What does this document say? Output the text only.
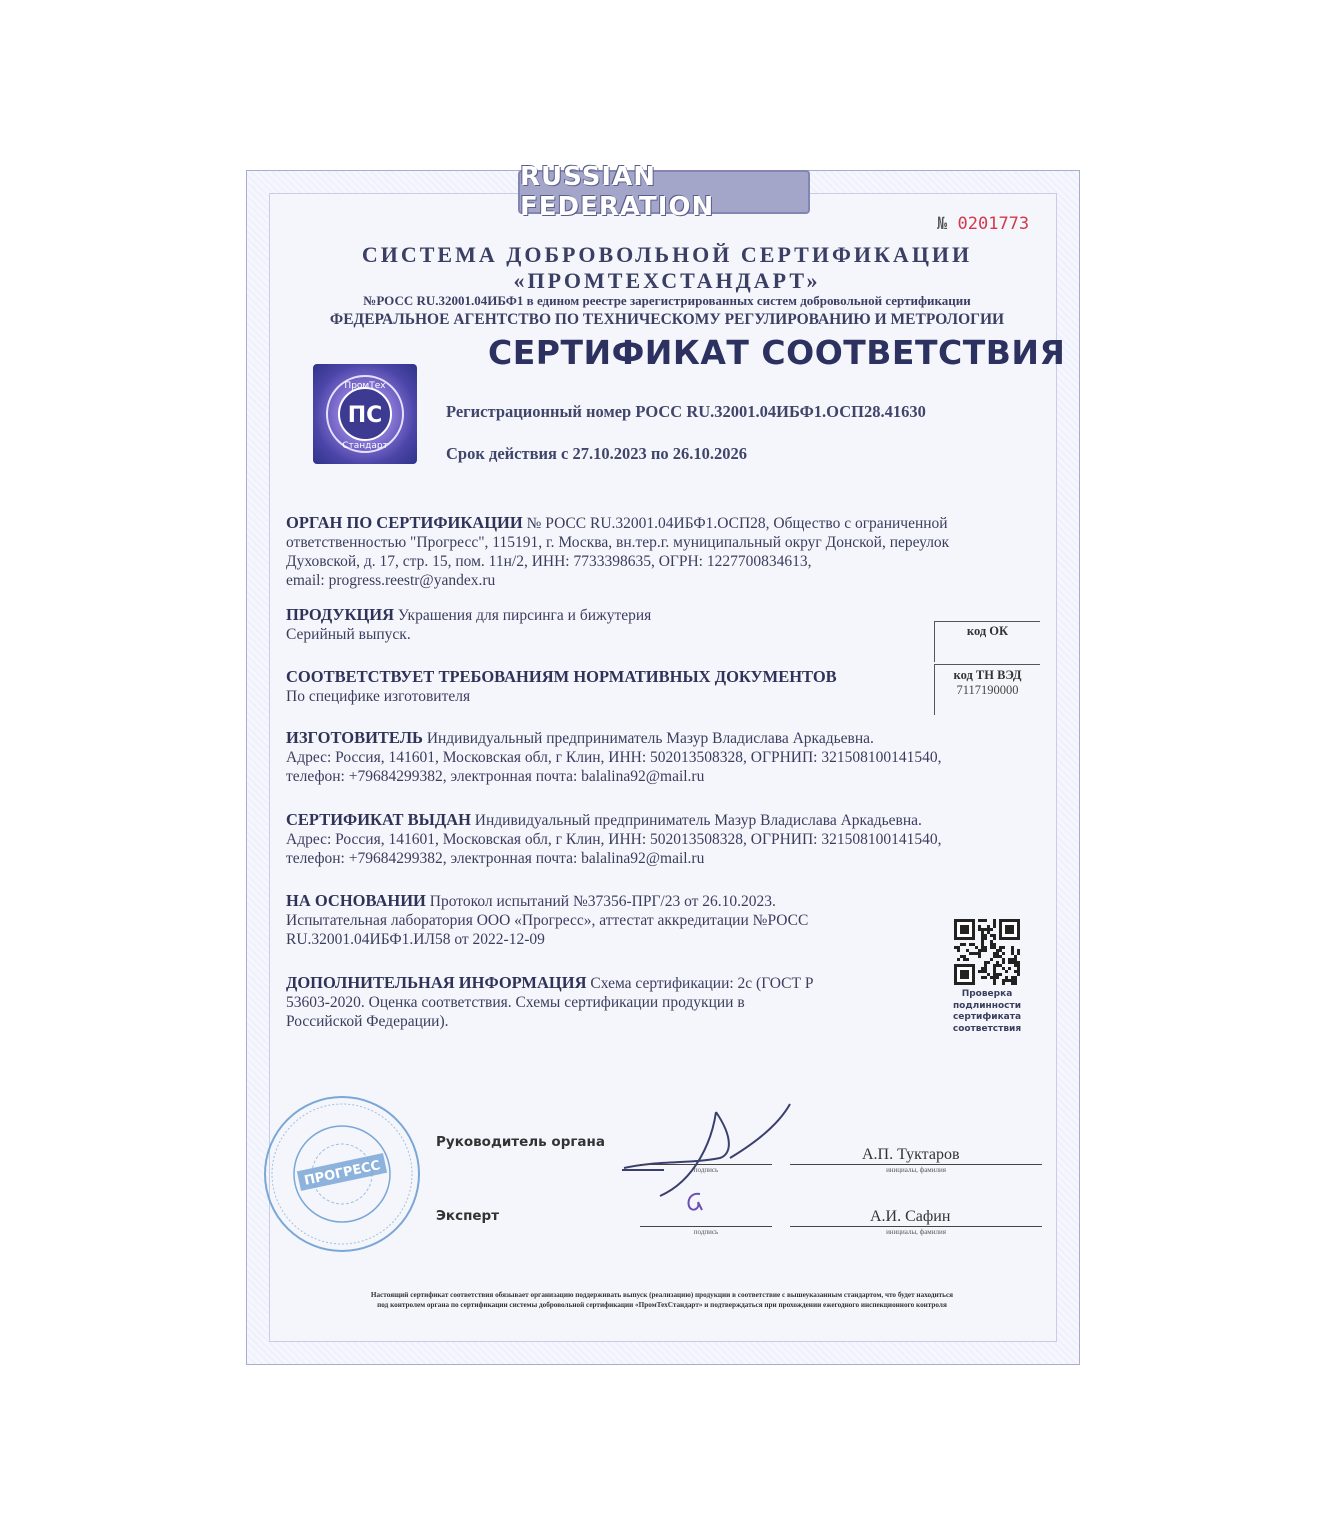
RUSSIAN FEDERATION
№ 0201773
СИСТЕМА ДОБРОВОЛЬНОЙ СЕРТИФИКАЦИИ
«ПРОМТЕХСТАНДАРТ»
№РОСС RU.32001.04ИБФ1 в едином реестре зарегистрированных систем добровольной сертификации
ФЕДЕРАЛЬНОЕ АГЕНТСТВО ПО ТЕХНИЧЕСКОМУ РЕГУЛИРОВАНИЮ И МЕТРОЛОГИИ
СЕРТИФИКАТ СООТВЕТСТВИЯ
ПромТех
ПС
Стандарт
Регистрационный номер РОСС RU.32001.04ИБФ1.ОСП28.41630
Срок действия с 27.10.2023 по 26.10.2026
ОРГАН ПО СЕРТИФИКАЦИИ № РОСС RU.32001.04ИБФ1.ОСП28, Общество с ограниченной
ответственностью "Прогресс", 115191, г. Москва, вн.тер.г. муниципальный округ Донской, переулок
Духовской, д. 17, стр. 15, пом. 11н/2, ИНН: 7733398635, ОГРН: 1227700834613,
email: progress.reestr@yandex.ru
ПРОДУКЦИЯ Украшения для пирсинга и бижутерия
Серийный выпуск.	код ОК
код ТН ВЭД
7117190000
СООТВЕТСТВУЕТ ТРЕБОВАНИЯМ НОРМАТИВНЫХ ДОКУМЕНТОВ
По специфике изготовителя
ИЗГОТОВИТЕЛЬ Индивидуальный предприниматель Мазур Владислава Аркадьевна.
Адрес: Россия, 141601, Московская обл, г Клин, ИНН: 502013508328, ОГРНИП: 321508100141540,
телефон: +79684299382, электронная почта: balalina92@mail.ru
СЕРТИФИКАТ ВЫДАН Индивидуальный предприниматель Мазур Владислава Аркадьевна.
Адрес: Россия, 141601, Московская обл, г Клин, ИНН: 502013508328, ОГРНИП: 321508100141540,
телефон: +79684299382, электронная почта: balalina92@mail.ru
НА ОСНОВАНИИ Протокол испытаний №37356-ПРГ/23 от 26.10.2023.
Испытательная лаборатория ООО «Прогресс», аттестат аккредитации №РОСС
RU.32001.04ИБФ1.ИЛ58 от 2022-12-09
ДОПОЛНИТЕЛЬНАЯ ИНФОРМАЦИЯ Схема сертификации: 2с (ГОСТ Р
53603-2020. Оценка соответствия. Схемы сертификации продукции в
Российской Федерации).
Проверка
подлинности
сертификата
соответствия
ПРОГРЕСС
Руководитель органа
Эксперт
подпись
А.П. Туктаров
инициалы, фамилия
подпись
А.И. Сафин
инициалы, фамилия
Настоящий сертификат соответствия обязывает организацию поддерживать выпуск (реализацию) продукции в соответствие с вышеуказанным стандартом, что будет находиться
под контролем органа по сертификации системы добровольной сертификации «ПромТехСтандарт» и подтверждаться при прохождении ежегодного инспекционного контроля
